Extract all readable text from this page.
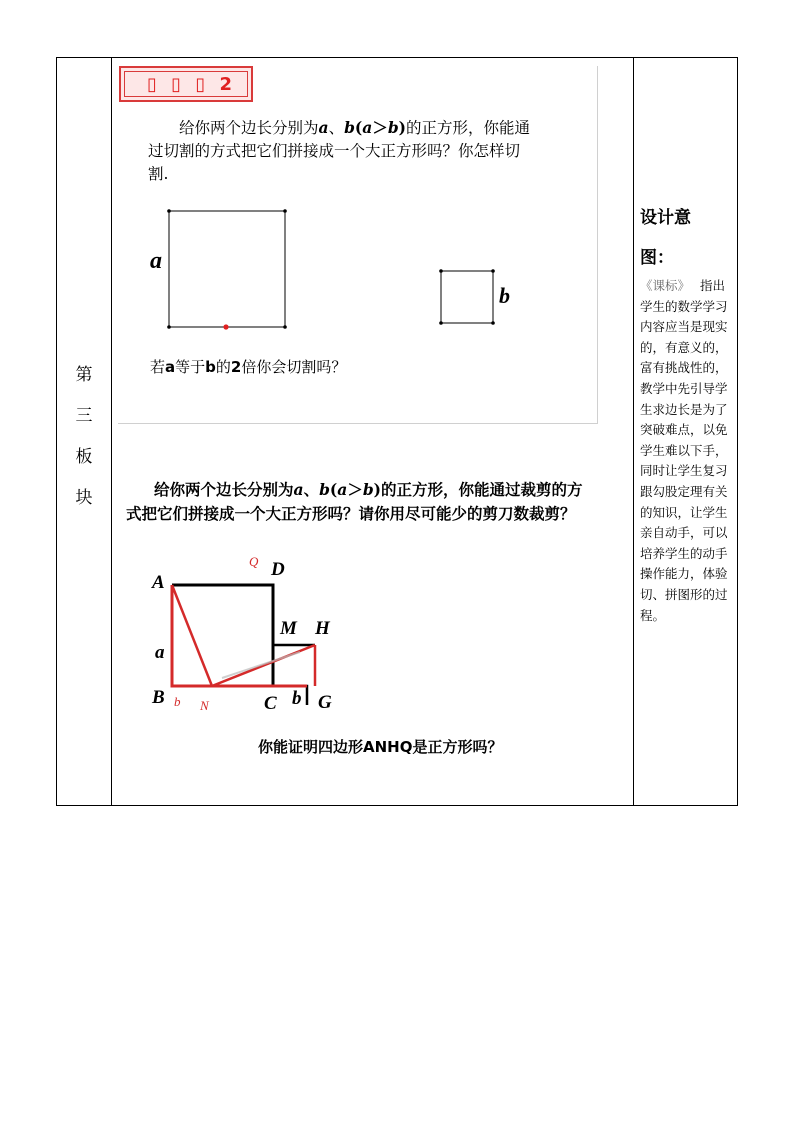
第
三
板
块
▯ ▯ ▯
2
给你两个边长分别为a、b(a＞b)的正方形，你能通过切割的方式把它们拼接成一个大正方形吗？你怎样切割.
若a等于b的2倍你会切割吗？
给你两个边长分别为a、b(a＞b)的正方形，你能通过裁剪的方式把它们拼接成一个大正方形吗？请你用尽可能少的剪刀数裁剪？
你能证明四边形ANHQ是正方形吗？
设计意
图：
《课标》 指出学生的数学学习内容应当是现实的，有意义的，富有挑战性的，教学中先引导学生求边长是为了突破难点，以免学生难以下手，同时让学生复习跟勾股定理有关的知识，让学生亲自动手，可以培养学生的动手操作能力，体验切、拼图形的过程。
a
b
A
B	C
D
G
H
M
N
Q
a
b	b
